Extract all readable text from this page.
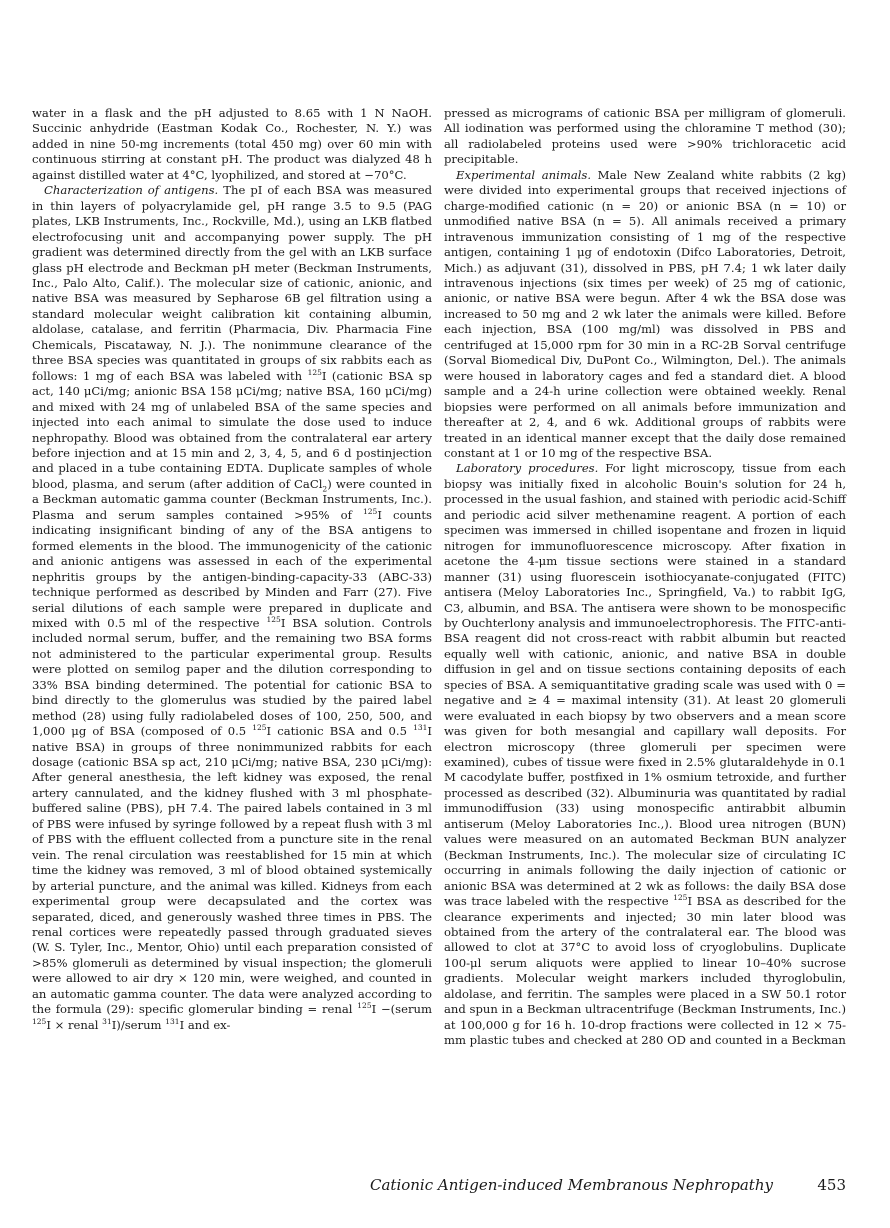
water in a flask and the pH adjusted to 8.65 with 1 N NaOH. Succinic anhydride (Eastman Kodak Co., Rochester, N. Y.) was added in nine 50-mg increments (total 450 mg) over 60 min with continuous stirring at constant pH. The product was dialyzed 48 h against distilled water at 4°C, lyophilized, and stored at −70°C.

Characterization of antigens. The pI of each BSA was measured in thin layers of polyacrylamide gel, pH range 3.5 to 9.5 (PAG plates, LKB Instruments, Inc., Rockville, Md.), using an LKB flatbed electrofocusing unit and accompanying power supply. The pH gradient was determined directly from the gel with an LKB surface glass pH electrode and Beckman pH meter (Beckman Instruments, Inc., Palo Alto, Calif.). The molecular size of cationic, anionic, and native BSA was measured by Sepharose 6B gel filtration using a standard molecular weight calibration kit containing albumin, aldolase, catalase, and ferritin (Pharmacia, Div. Pharmacia Fine Chemicals, Piscataway, N. J.). The nonimmune clearance of the three BSA species was quantitated in groups of six rabbits each as follows: 1 mg of each BSA was labeled with $^{125}$I (cationic BSA sp act, 140 μCi/mg; anionic BSA 158 μCi/mg; native BSA, 160 μCi/mg) and mixed with 24 mg of unlabeled BSA of the same species and injected into each animal to simulate the dose used to induce nephropathy. Blood was obtained from the contralateral ear artery before injection and at 15 min and 2, 3, 4, 5, and 6 d postinjection and placed in a tube containing EDTA. Duplicate samples of whole blood, plasma, and serum (after addition of CaCl$_2$) were counted in a Beckman automatic gamma counter (Beckman Instruments, Inc.). Plasma and serum samples contained >95% of $^{125}$I counts indicating insignificant binding of any of the BSA antigens to formed elements in the blood. The immunogenicity of the cationic and anionic antigens was assessed in each of the experimental nephritis groups by the antigen-binding-capacity-33 (ABC-33) technique performed as described by Minden and Farr (27). Five serial dilutions of each sample were prepared in duplicate and mixed with 0.5 ml of the respective $^{125}$I BSA solution. Controls included normal serum, buffer, and the remaining two BSA forms not administered to the particular experimental group. Results were plotted on semilog paper and the dilution corresponding to 33% BSA binding determined. The potential for cationic BSA to bind directly to the glomerulus was studied by the paired label method (28) using fully radiolabeled doses of 100, 250, 500, and 1,000 μg of BSA (composed of 0.5 $^{125}$I cationic BSA and 0.5 $^{131}$I native BSA) in groups of three nonimmunized rabbits for each dosage (cationic BSA sp act, 210 μCi/mg; native BSA, 230 μCi/mg): After general anesthesia, the left kidney was exposed, the renal artery cannulated, and the kidney flushed with 3 ml phosphate-buffered saline (PBS), pH 7.4. The paired labels contained in 3 ml of PBS were infused by syringe followed by a repeat flush with 3 ml of PBS with the effluent collected from a puncture site in the renal vein. The renal circulation was reestablished for 15 min at which time the kidney was removed, 3 ml of blood obtained systemically by arterial puncture, and the animal was killed. Kidneys from each experimental group were decapsulated and the cortex was separated, diced, and generously washed three times in PBS. The renal cortices were repeatedly passed through graduated sieves (W. S. Tyler, Inc., Mentor, Ohio) until each preparation consisted of >85% glomeruli as determined by visual inspection; the glomeruli were allowed to air dry × 120 min, were weighed, and counted in an automatic gamma counter. The data were analyzed according to the formula (29): specific glomerular binding = renal $^{125}$I −(serum $^{125}$I × renal $^{31}$I)/serum $^{131}$I and ex-

pressed as micrograms of cationic BSA per milligram of glomeruli. All iodination was performed using the chloramine T method (30); all radiolabeled proteins used were >90% trichloracetic acid precipitable.

Experimental animals. Male New Zealand white rabbits (2 kg) were divided into experimental groups that received injections of charge-modified cationic (n = 20) or anionic BSA (n = 10) or unmodified native BSA (n = 5). All animals received a primary intravenous immunization consisting of 1 mg of the respective antigen, containing 1 μg of endotoxin (Difco Laboratories, Detroit, Mich.) as adjuvant (31), dissolved in PBS, pH 7.4; 1 wk later daily intravenous injections (six times per week) of 25 mg of cationic, anionic, or native BSA were begun. After 4 wk the BSA dose was increased to 50 mg and 2 wk later the animals were killed. Before each injection, BSA (100 mg/ml) was dissolved in PBS and centrifuged at 15,000 rpm for 30 min in a RC-2B Sorval centrifuge (Sorval Biomedical Div, DuPont Co., Wilmington, Del.). The animals were housed in laboratory cages and fed a standard diet. A blood sample and a 24-h urine collection were obtained weekly. Renal biopsies were performed on all animals before immunization and thereafter at 2, 4, and 6 wk. Additional groups of rabbits were treated in an identical manner except that the daily dose remained constant at 1 or 10 mg of the respective BSA.

Laboratory procedures. For light microscopy, tissue from each biopsy was initially fixed in alcoholic Bouin's solution for 24 h, processed in the usual fashion, and stained with periodic acid-Schiff and periodic acid silver methenamine reagent. A portion of each specimen was immersed in chilled isopentane and frozen in liquid nitrogen for immunofluorescence microscopy. After fixation in acetone the 4-μm tissue sections were stained in a standard manner (31) using fluorescein isothiocyanate-conjugated (FITC) antisera (Meloy Laboratories Inc., Springfield, Va.) to rabbit IgG, C3, albumin, and BSA. The antisera were shown to be monospecific by Ouchterlony analysis and immunoelectrophoresis. The FITC-anti-BSA reagent did not cross-react with rabbit albumin but reacted equally well with cationic, anionic, and native BSA in double diffusion in gel and on tissue sections containing deposits of each species of BSA. A semiquantitative grading scale was used with 0 = negative and ≥ 4 = maximal intensity (31). At least 20 glomeruli were evaluated in each biopsy by two observers and a mean score was given for both mesangial and capillary wall deposits. For electron microscopy (three glomeruli per specimen were examined), cubes of tissue were fixed in 2.5% glutaraldehyde in 0.1 M cacodylate buffer, postfixed in 1% osmium tetroxide, and further processed as described (32). Albuminuria was quantitated by radial immunodiffusion (33) using monospecific antirabbit albumin antiserum (Meloy Laboratories Inc.,). Blood urea nitrogen (BUN) values were measured on an automated Beckman BUN analyzer (Beckman Instruments, Inc.). The molecular size of circulating IC occurring in animals following the daily injection of cationic or anionic BSA was determined at 2 wk as follows: the daily BSA dose was trace labeled with the respective $^{125}$I BSA as described for the clearance experiments and injected; 30 min later blood was obtained from the artery of the contralateral ear. The blood was allowed to clot at 37°C to avoid loss of cryoglobulins. Duplicate 100-μl serum aliquots were applied to linear 10–40% sucrose gradients. Molecular weight markers included thyroglobulin, aldolase, and ferritin. The samples were placed in a SW 50.1 rotor and spun in a Beckman ultracentrifuge (Beckman Instruments, Inc.) at 100,000 g for 16 h. 10-drop fractions were collected in 12 × 75-mm plastic tubes and checked at 280 OD and counted in a Beckman

Cationic Antigen-induced Membranous Nephropathy	453
